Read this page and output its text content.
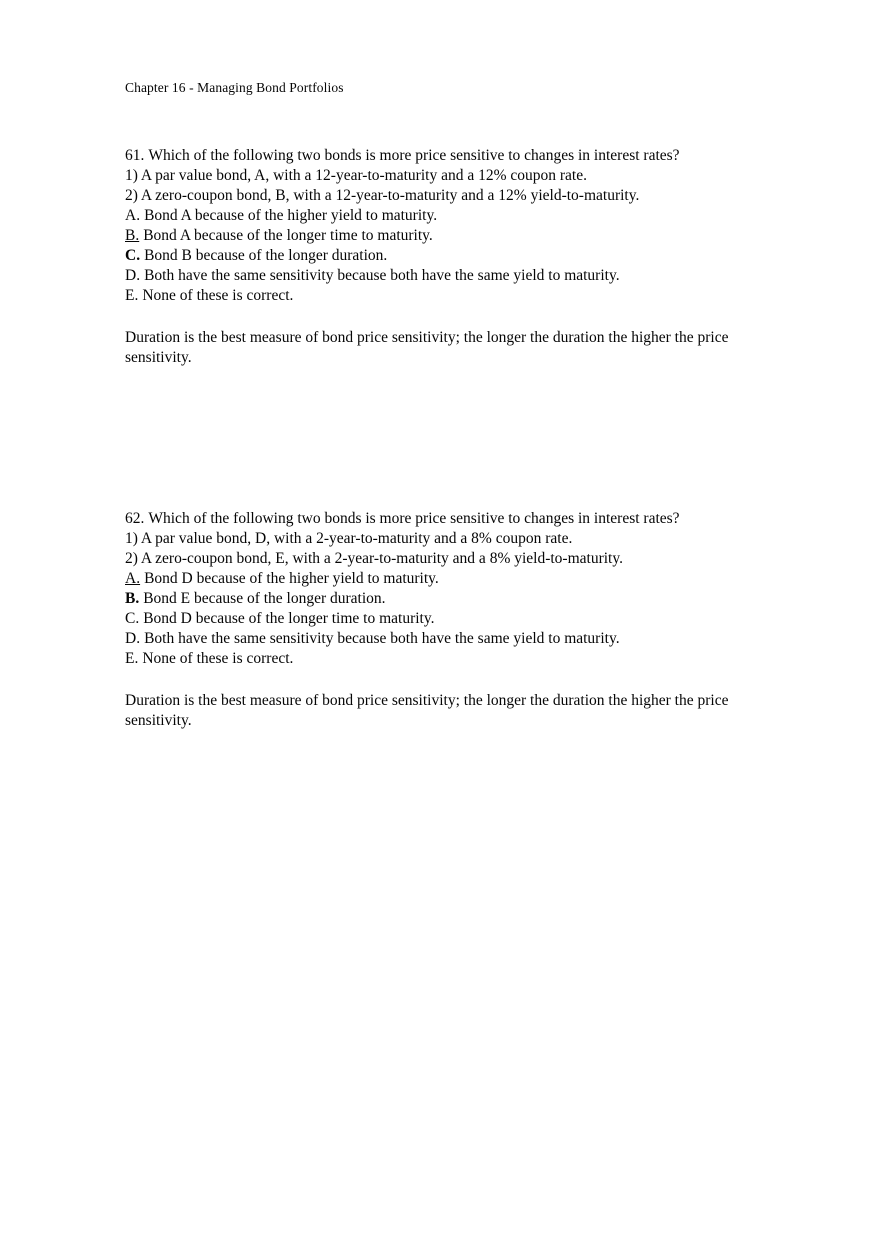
Chapter 16 - Managing Bond Portfolios

61. Which of the following two bonds is more price sensitive to changes in interest rates?

1) A par value bond, A, with a 12-year-to-maturity and a 12% coupon rate.

2) A zero-coupon bond, B, with a 12-year-to-maturity and a 12% yield-to-maturity.

A. Bond A because of the higher yield to maturity.

B. Bond A because of the longer time to maturity.

C. Bond B because of the longer duration.

D. Both have the same sensitivity because both have the same yield to maturity.

E. None of these is correct.

Duration is the best measure of bond price sensitivity; the longer the duration the higher the price sensitivity.

62. Which of the following two bonds is more price sensitive to changes in interest rates?

1) A par value bond, D, with a 2-year-to-maturity and a 8% coupon rate.

2) A zero-coupon bond, E, with a 2-year-to-maturity and a 8% yield-to-maturity.

A. Bond D because of the higher yield to maturity.

B. Bond E because of the longer duration.

C. Bond D because of the longer time to maturity.

D. Both have the same sensitivity because both have the same yield to maturity.

E. None of these is correct.

Duration is the best measure of bond price sensitivity; the longer the duration the higher the price sensitivity.
